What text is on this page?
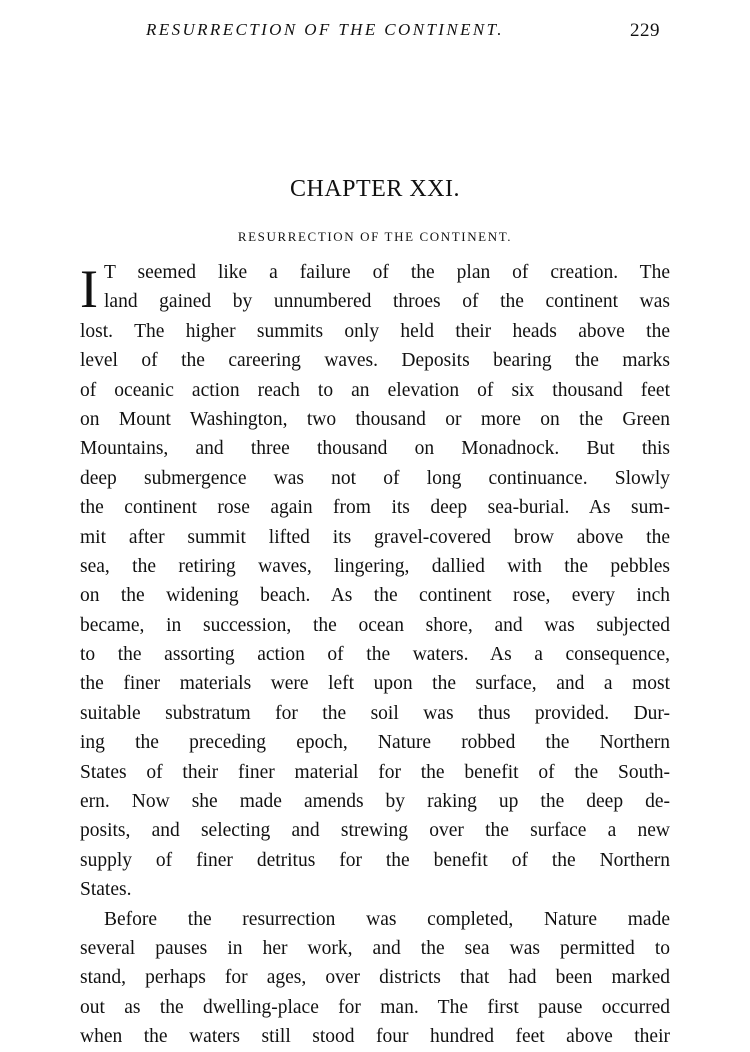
RESURRECTION OF THE CONTINENT.	229
CHAPTER XXI.
RESURRECTION OF THE CONTINENT.
I T seemed like a failure of the plan of creation. The
land gained by unnumbered throes of the continent was
lost. The higher summits only held their heads above the
level of the careering waves. Deposits bearing the marks
of oceanic action reach to an elevation of six thousand feet
on Mount Washington, two thousand or more on the Green
Mountains, and three thousand on Monadnock. But this
deep submergence was not of long continuance. Slowly
the continent rose again from its deep sea-burial. As sum-
mit after summit lifted its gravel-covered brow above the
sea, the retiring waves, lingering, dallied with the pebbles
on the widening beach. As the continent rose, every inch
became, in succession, the ocean shore, and was subjected
to the assorting action of the waters. As a consequence,
the finer materials were left upon the surface, and a most
suitable substratum for the soil was thus provided. Dur-
ing the preceding epoch, Nature robbed the Northern
States of their finer material for the benefit of the South-
ern. Now she made amends by raking up the deep de-
posits, and selecting and strewing over the surface a new
supply of finer detritus for the benefit of the Northern
States.
Before the resurrection was completed, Nature made
several pauses in her work, and the sea was permitted to
stand, perhaps for ages, over districts that had been marked
out as the dwelling-place for man. The first pause occurred
when the waters still stood four hundred feet above their
